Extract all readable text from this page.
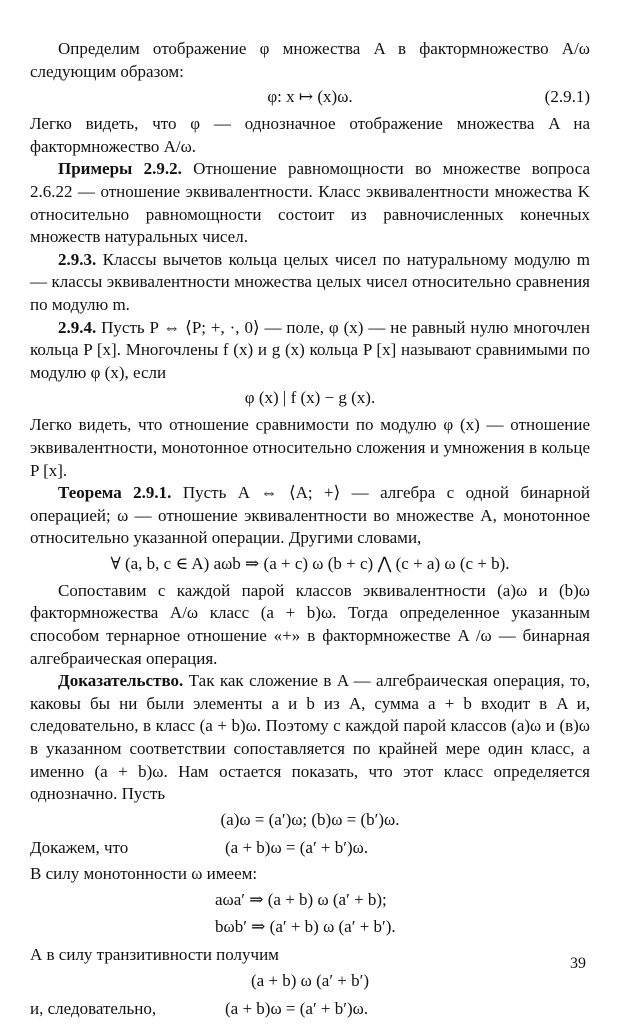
Определим отображение φ множества A в фактормножество A/ω следующим образом:

φ: x ↦ (x)ω.	(2.9.1)

Легко видеть, что φ — однозначное отображение множества A на фактормножество A/ω.

Примеры 2.9.2. Отношение равномощности во множестве вопроса 2.6.22 — отношение эквивалентности. Класс эквивалентности множества K относительно равномощности состоит из равночисленных конечных множеств натуральных чисел.

2.9.3. Классы вычетов кольца целых чисел по натуральному модулю m — классы эквивалентности множества целых чисел относительно сравнения по модулю m.

2.9.4. Пусть P ⇔ ⟨P; +, ·, 0⟩ — поле, φ (x) — не равный нулю многочлен кольца P [x]. Многочлены f (x) и g (x) кольца P [x] называют сравнимыми по модулю φ (x), если

φ (x) | f (x) − g (x).

Легко видеть, что отношение сравнимости по модулю φ (x) — отношение эквивалентности, монотонное относительно сложения и умножения в кольце P [x].

Теорема 2.9.1. Пусть A ⇔ ⟨A; +⟩ — алгебра с одной бинарной операцией; ω — отношение эквивалентности во множестве A, монотонное относительно указанной операции. Другими словами,

∀ (a, b, c ∈ A) aωb ⇒ (a + c) ω (b + c) ⋀ (c + a) ω (c + b).

Сопоставим с каждой парой классов эквивалентности (a)ω и (b)ω фактормножества A/ω класс (a + b)ω. Тогда определенное указанным способом тернарное отношение «+» в фактормножестве A /ω — бинарная алгебраическая операция.

Доказательство. Так как сложение в A — алгебраическая операция, то, каковы бы ни были элементы a и b из A, сумма a + b входит в A и, следовательно, в класс (a + b)ω. Поэтому с каждой парой классов (a)ω и (в)ω в указанном соответствии сопоставляется по крайней мере один класс, а именно (a + b)ω. Нам остается показать, что этот класс определяется однозначно. Пусть

(a)ω = (a′)ω; (b)ω = (b′)ω.
Докажем, что	(a + b)ω = (a′ + b′)ω.

В силу монотонности ω имеем:

aωa′ ⇒ (a + b) ω (a′ + b);
bωb′ ⇒ (a′ + b) ω (a′ + b′).

А в силу транзитивности получим

(a + b) ω (a′ + b′)
и, следовательно,	(a + b)ω = (a′ + b′)ω.
39
